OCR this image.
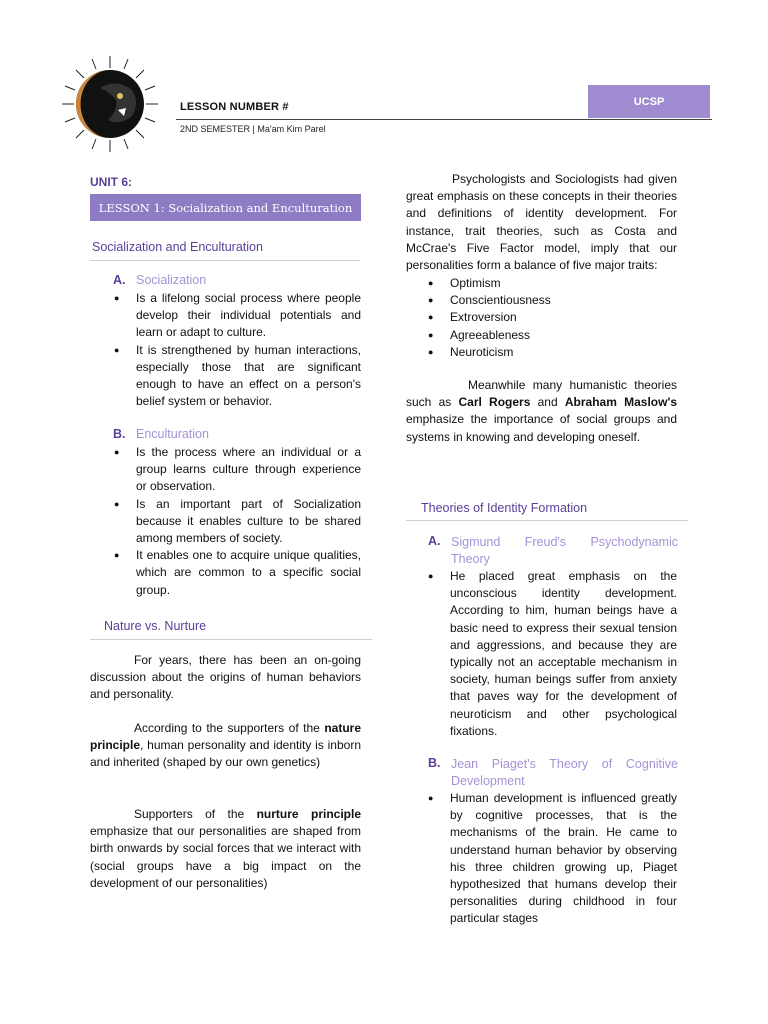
LESSON NUMBER #
2ND SEMESTER | Ma'am Kim Parel
UCSP
UNIT 6:
LESSON 1: Socialization and Enculturation
Socialization and Enculturation
A. Socialization
● Is a lifelong social process where people develop their individual potentials and learn or adapt to culture.
● It is strengthened by human interactions, especially those that are significant enough to have an effect on a person's belief system or behavior.
B. Enculturation
● Is the process where an individual or a group learns culture through experience or observation.
● Is an important part of Socialization because it enables culture to be shared among members of society.
● It enables one to acquire unique qualities, which are common to a specific social group.
Nature vs. Nurture

For years, there has been an on-going discussion about the origins of human behaviors and personality.

According to the supporters of the nature principle, human personality and identity is inborn and inherited (shaped by our own genetics)

Supporters of the nurture principle emphasize that our personalities are shaped from birth onwards by social forces that we interact with (social groups have a big impact on the development of our personalities)

Psychologists and Sociologists had given great emphasis on these concepts in their theories and definitions of identity development. For instance, trait theories, such as Costa and McCrae's Five Factor model, imply that our personalities form a balance of five major traits:

● Optimism
● Conscientiousness
● Extroversion
● Agreeableness
● Neuroticism

Meanwhile many humanistic theories such as Carl Rogers and Abraham Maslow's emphasize the importance of social groups and systems in knowing and developing oneself.

Theories of Identity Formation
A. Sigmund Freud's Psychodynamic Theory
● He placed great emphasis on the unconscious identity development. According to him, human beings have a basic need to express their sexual tension and aggressions, and because they are typically not an acceptable mechanism in society, human beings suffer from anxiety that paves way for the development of neuroticism and other psychological fixations.
B. Jean Piaget's Theory of Cognitive Development
● Human development is influenced greatly by cognitive processes, that is the mechanisms of the brain. He came to understand human behavior by observing his three children growing up, Piaget hypothesized that humans develop their personalities during childhood in four particular stages
